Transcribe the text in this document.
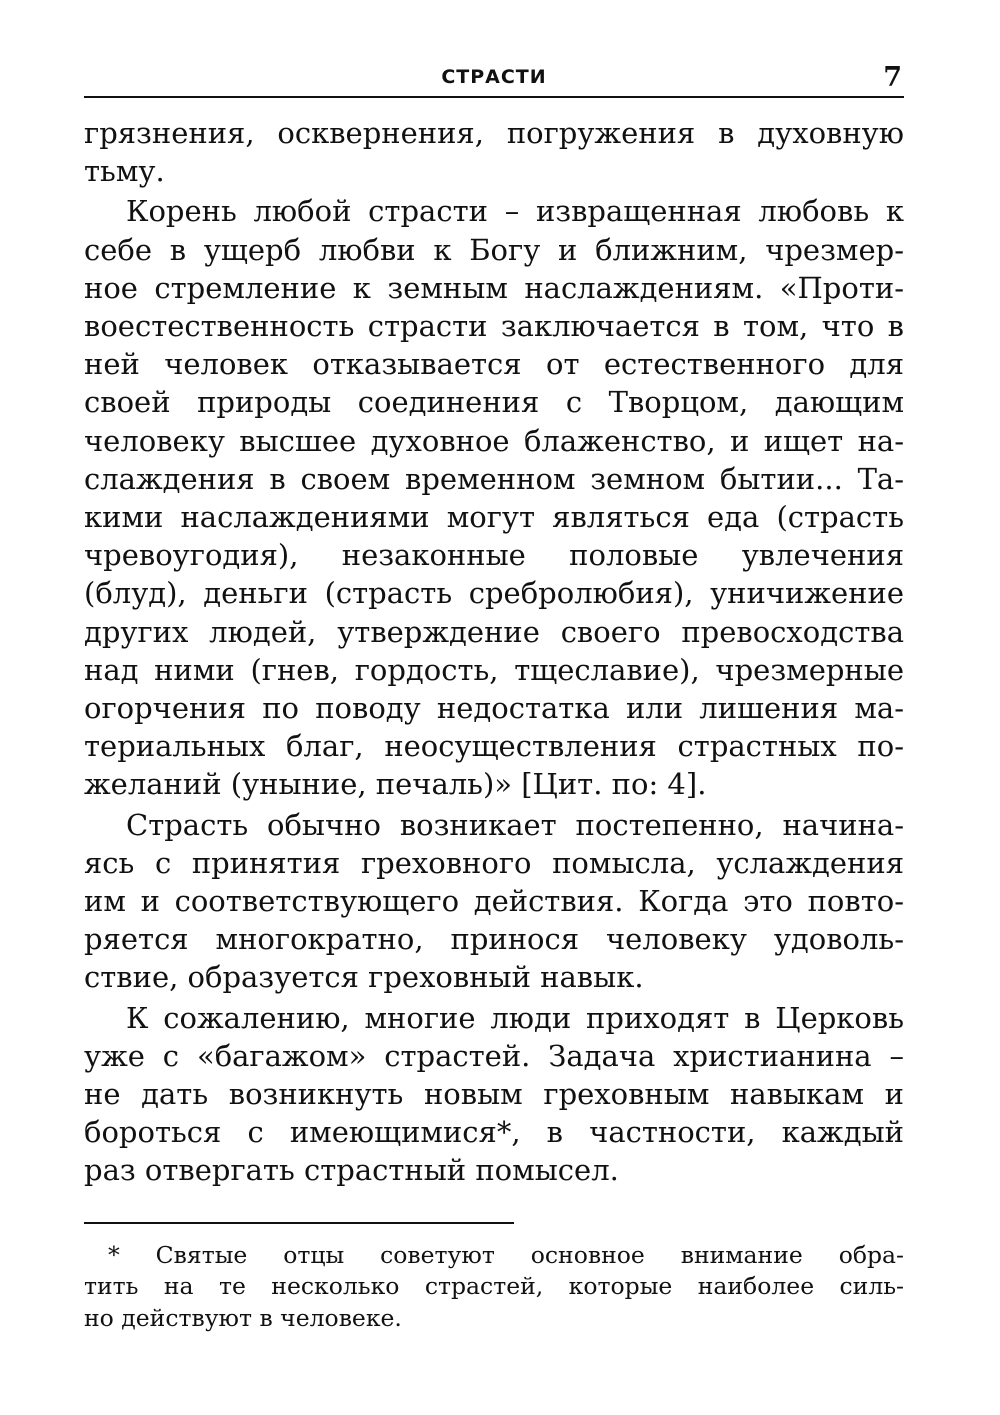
СТРАСТИ	7

грязнения, осквернения, погружения в духовную
тьму.

Корень любой страсти – извращенная любовь к
себе в ущерб любви к Богу и ближним, чрезмер-
ное стремление к земным наслаждениям. «Проти-
воестественность страсти заключается в том, что в
ней человек отказывается от естественного для
своей природы соединения с Творцом, дающим
человеку высшее духовное блаженство, и ищет на-
слаждения в своем временном земном бытии... Та-
кими наслаждениями могут являться еда (страсть
чревоугодия), незаконные половые увлечения
(блуд), деньги (страсть сребролюбия), уничижение
других людей, утверждение своего превосходства
над ними (гнев, гордость, тщеславие), чрезмерные
огорчения по поводу недостатка или лишения ма-
териальных благ, неосуществления страстных по-
желаний (уныние, печаль)» [Цит. по: 4].

Страсть обычно возникает постепенно, начина-
ясь с принятия греховного помысла, услаждения
им и соответствующего действия. Когда это повто-
ряется многократно, принося человеку удоволь-
ствие, образуется греховный навык.

К сожалению, многие люди приходят в Церковь
уже с «багажом» страстей. Задача христианина –
не дать возникнуть новым греховным навыкам и
бороться с имеющимися*, в частности, каждый
раз отвергать страстный помысел.

* Святые отцы советуют основное внимание обра-
тить на те несколько страстей, которые наиболее силь-
но действуют в человеке.
